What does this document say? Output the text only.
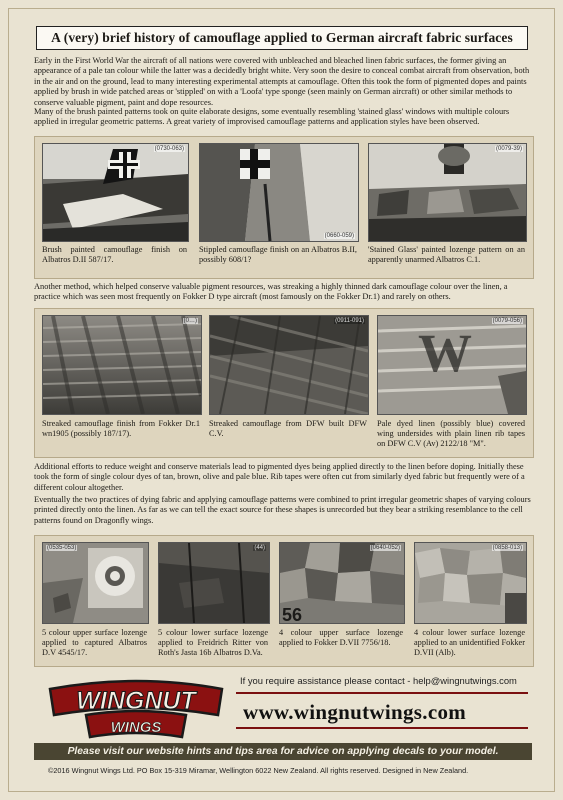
A (very) brief history of camouflage applied to German aircraft fabric surfaces

Early in the First World War the aircraft of all nations were covered with unbleached and bleached linen fabric surfaces, the former giving an appearance of a pale tan colour while the latter was a decidedly bright white. Very soon the desire to conceal combat aircraft from observation, both in the air and on the ground, lead to many interesting experimental attempts at camouflage. Often this took the form of pigmented dopes and paints applied by brush in wide patched areas or 'stippled' on with a 'Loofa' type sponge (seen mainly on German aircraft) or other similar methods to conserve valuable pigment, paint and dope resources.

Many of the brush painted patterns took on quite elaborate designs, some eventually resembling 'stained glass' windows with multiple colours applied in irregular geometric patterns. A great variety of improvised camouflage patterns and application styles have been observed.

(0730-063)
Brush painted camouflage finish on Albatros D.II 587/17.
(0660-059)
Stippled camouflage finish on an Albatros B.II, possibly 608/1?
(0079-39)
'Stained Glass' painted lozenge pattern on an apparently unarmed Albatros C.1.

Another method, which helped conserve valuable pigment resources, was streaking a highly thinned dark camouflage colour over the linen, a practice which was seen most frequently on Fokker D type aircraft (most famously on the Fokker Dr.1) and rarely on others.

(0…)
Streaked camouflage finish from Fokker Dr.1 wn1905 (possibly 187/17).
(0911-091)
Streaked camouflage from DFW built DFW C.V.
W
(0079-056)
Pale dyed linen (possibly blue) covered wing undersides with plain linen rib tapes on DFW C.V (Av) 2122/18 "M".

Additional efforts to reduce weight and conserve materials lead to pigmented dyes being applied directly to the linen before doping. Initially these took the form of single colour dyes of tan, brown, olive and pale blue. Rib tapes were often cut from similarly dyed fabric but frequently were of a different colour altogether.

Eventually the two practices of dying fabric and applying camouflage patterns were combined to print irregular geometric shapes of varying colours printed directly onto the linen. As far as we can tell the exact source for these shapes is unrecorded but they bear a striking resemblance to the cell patterns found on Dragonfly wings.

(0535-053)
5 colour upper surface lozenge applied to captured Albatros D.V 4545/17.
(44)
5 colour lower surface lozenge applied to Freidrich Ritter von Roth's Jasta 16b Albatros D.Va.
56
(0640-052)
4 colour upper surface lozenge applied to Fokker D.VII 7756/18.
(0858-013)
4 colour lower surface lozenge applied to an unidentified Fokker D.VII (Alb).
WINGNUT
WINGS
If you require assistance please contact - help@wingnutwings.com
www.wingnutwings.com
Please visit our website hints and tips area for advice on applying decals to your model.
©2016 Wingnut Wings Ltd. PO Box 15-319 Miramar, Wellington 6022 New Zealand. All rights reserved. Designed in New Zealand.
